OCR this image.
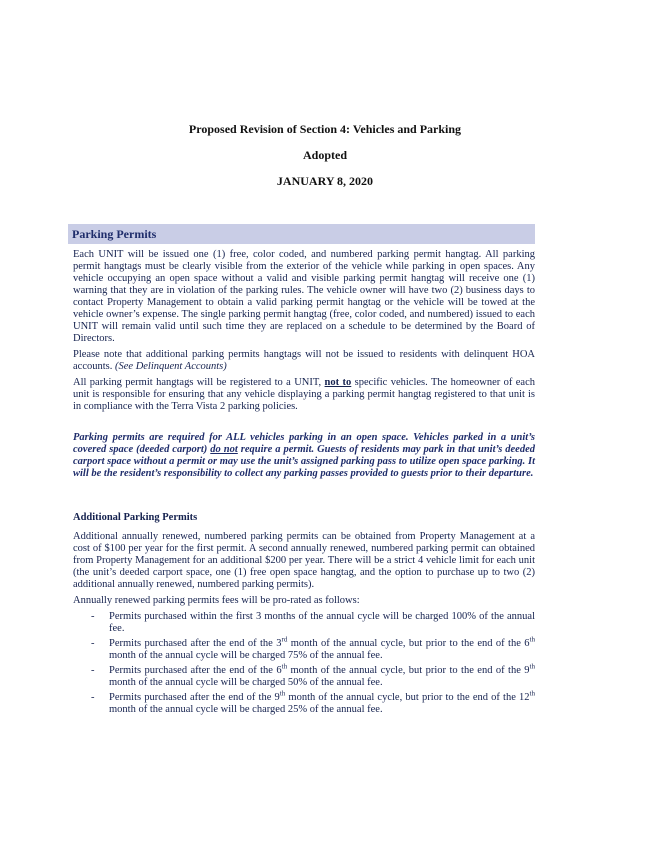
Proposed Revision of Section 4: Vehicles and Parking
Adopted
JANUARY 8, 2020
Parking Permits

Each UNIT will be issued one (1) free, color coded, and numbered parking permit hangtag. All parking permit hangtags must be clearly visible from the exterior of the vehicle while parking in open spaces. Any vehicle occupying an open space without a valid and visible parking permit hangtag will receive one (1) warning that they are in violation of the parking rules. The vehicle owner will have two (2) business days to contact Property Management to obtain a valid parking permit hangtag or the vehicle will be towed at the vehicle owner’s expense. The single parking permit hangtag (free, color coded, and numbered) issued to each UNIT will remain valid until such time they are replaced on a schedule to be determined by the Board of Directors.

Please note that additional parking permits hangtags will not be issued to residents with delinquent HOA accounts. (See Delinquent Accounts)

All parking permit hangtags will be registered to a UNIT, not to specific vehicles. The homeowner of each unit is responsible for ensuring that any vehicle displaying a parking permit hangtag registered to that unit is in compliance with the Terra Vista 2 parking policies.

Parking permits are required for ALL vehicles parking in an open space. Vehicles parked in a unit’s covered space (deeded carport) do not require a permit. Guests of residents may park in that unit’s deeded carport space without a permit or may use the unit’s assigned parking pass to utilize open space parking. It will be the resident’s responsibility to collect any parking passes provided to guests prior to their departure.
Additional Parking Permits

Additional annually renewed, numbered parking permits can be obtained from Property Management at a cost of $100 per year for the first permit. A second annually renewed, numbered parking permit can obtained from Property Management for an additional $200 per year. There will be a strict 4 vehicle limit for each unit (the unit’s deeded carport space, one (1) free open space hangtag, and the option to purchase up to two (2) additional annually renewed, numbered parking permits).

Annually renewed parking permits fees will be pro-rated as follows:

- Permits purchased within the first 3 months of the annual cycle will be charged 100% of the annual fee.
- Permits purchased after the end of the 3rd month of the annual cycle, but prior to the end of the 6th month of the annual cycle will be charged 75% of the annual fee.
- Permits purchased after the end of the 6th month of the annual cycle, but prior to the end of the 9th month of the annual cycle will be charged 50% of the annual fee.
- Permits purchased after the end of the 9th month of the annual cycle, but prior to the end of the 12th month of the annual cycle will be charged 25% of the annual fee.
